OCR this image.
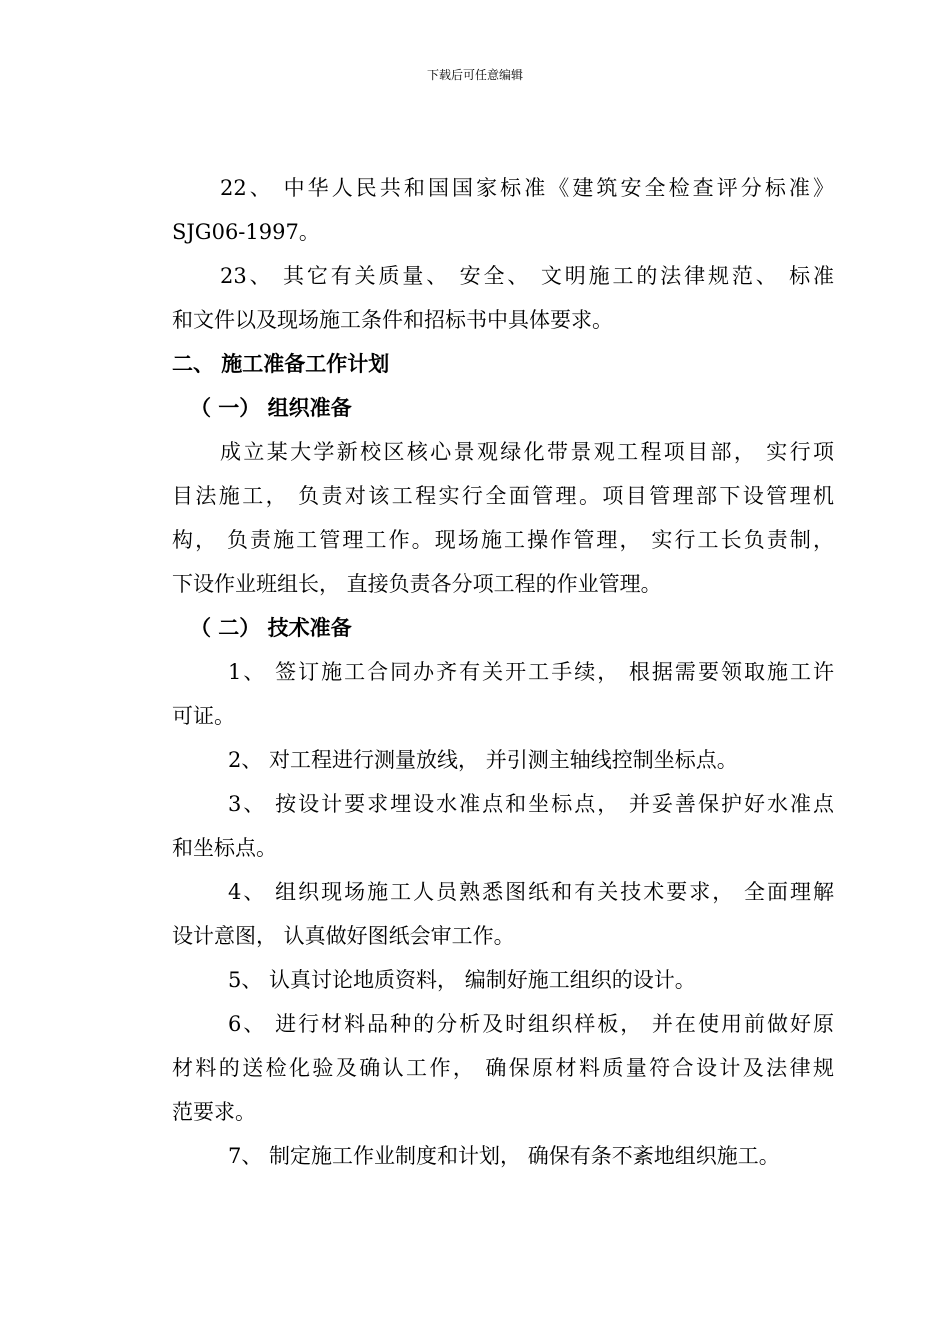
下载后可任意编辑
22、 中华人民共和国国家标准《建筑安全检查评分标准》
SJG06-1997。
23、 其它有关质量、 安全、 文明施工的法律规范、 标准
和文件以及现场施工条件和招标书中具体要求。
二、 施工准备工作计划
（ 一） 组织准备
成立某大学新校区核心景观绿化带景观工程项目部， 实行项
目法施工， 负责对该工程实行全面管理。项目管理部下设管理机
构， 负责施工管理工作。现场施工操作管理， 实行工长负责制，
下设作业班组长， 直接负责各分项工程的作业管理。
（ 二） 技术准备
1、 签订施工合同办齐有关开工手续， 根据需要领取施工许
可证。
2、 对工程进行测量放线， 并引测主轴线控制坐标点。
3、 按设计要求埋设水准点和坐标点， 并妥善保护好水准点
和坐标点。
4、 组织现场施工人员熟悉图纸和有关技术要求， 全面理解
设计意图， 认真做好图纸会审工作。
5、 认真讨论地质资料， 编制好施工组织的设计。
6、 进行材料品种的分析及时组织样板， 并在使用前做好原
材料的送检化验及确认工作， 确保原材料质量符合设计及法律规
范要求。
7、 制定施工作业制度和计划， 确保有条不紊地组织施工。
